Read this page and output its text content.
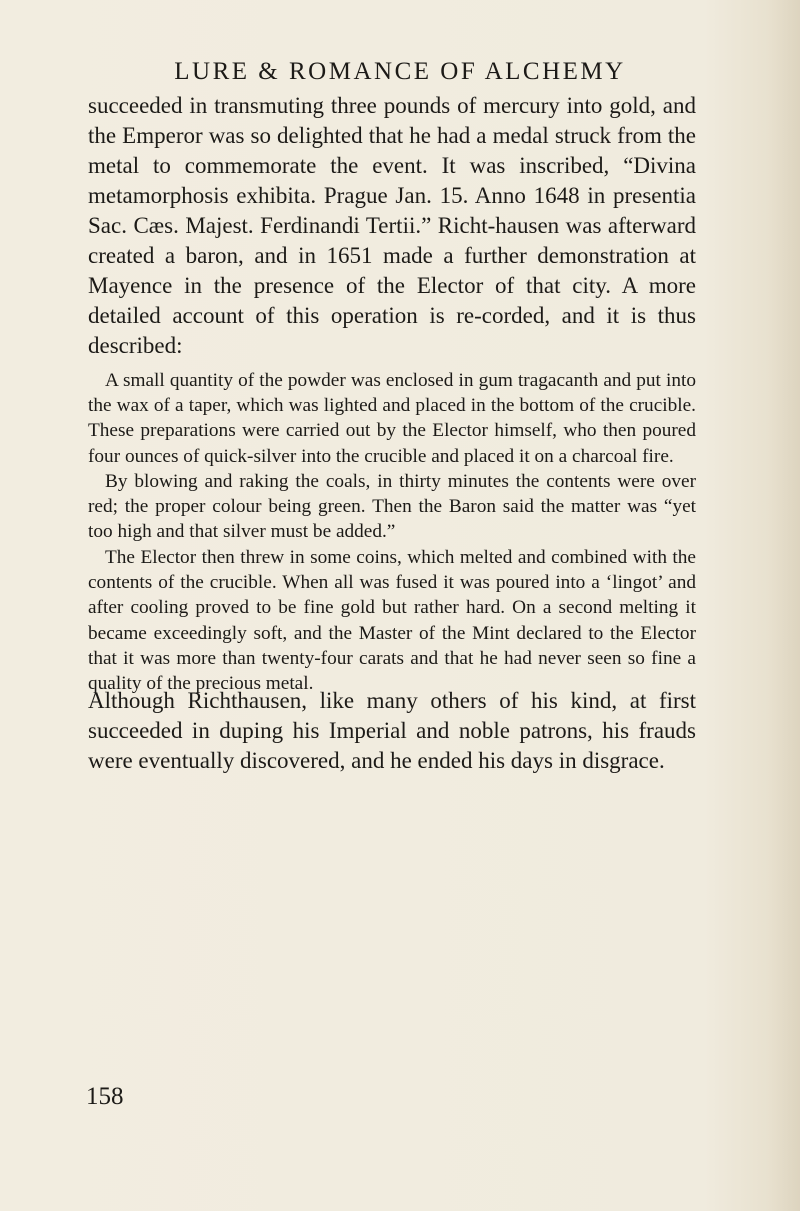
LURE & ROMANCE OF ALCHEMY

succeeded in transmuting three pounds of mercury into gold, and the Emperor was so delighted that he had a medal struck from the metal to commemorate the event. It was inscribed, “Divina metamorphosis exhibita. Prague Jan. 15. Anno 1648 in presentia Sac. Cæs. Majest. Ferdinandi Tertii.” Richt-hausen was afterward created a baron, and in 1651 made a further demonstration at Mayence in the presence of the Elector of that city. A more detailed account of this operation is re-corded, and it is thus described:

A small quantity of the powder was enclosed in gum tragacanth and put into the wax of a taper, which was lighted and placed in the bottom of the crucible. These preparations were carried out by the Elector himself, who then poured four ounces of quick-silver into the crucible and placed it on a charcoal fire.

By blowing and raking the coals, in thirty minutes the contents were over red; the proper colour being green. Then the Baron said the matter was “yet too high and that silver must be added.”

The Elector then threw in some coins, which melted and combined with the contents of the crucible. When all was fused it was poured into a ‘lingot’ and after cooling proved to be fine gold but rather hard. On a second melting it became exceedingly soft, and the Master of the Mint declared to the Elector that it was more than twenty-four carats and that he had never seen so fine a quality of the precious metal.

Although Richthausen, like many others of his kind, at first succeeded in duping his Imperial and noble patrons, his frauds were eventually discovered, and he ended his days in disgrace.

158
